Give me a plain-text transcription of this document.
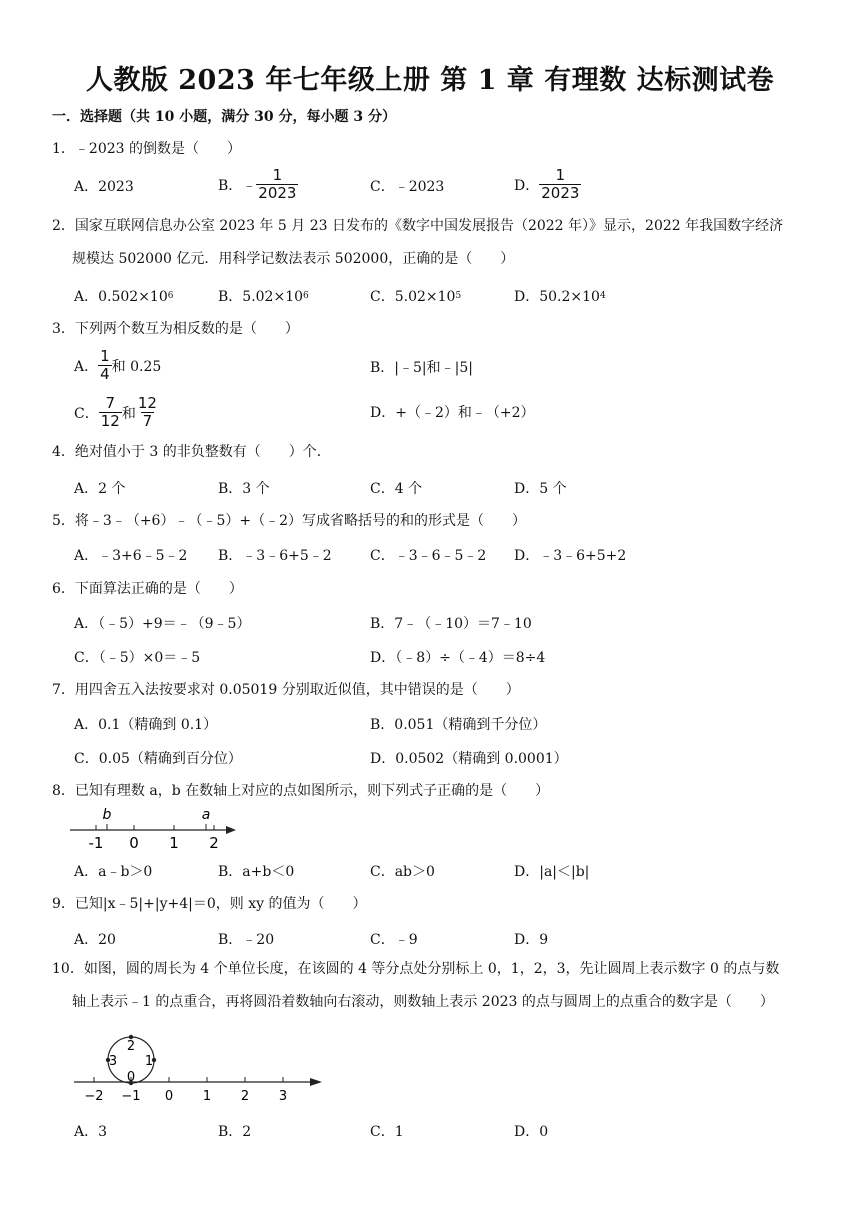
人教版 2023 年七年级上册 第 1 章 有理数 达标测试卷
一．选择题（共 10 小题，满分 30 分，每小题 3 分）
1．﹣2023 的倒数是（　　）
A．2023	B．﹣ $\frac{1}{2023}$	C．﹣2023	D． $\frac{1}{2023}$
2．国家互联网信息办公室 2023 年 5 月 23 日发布的《数字中国发展报告（2022 年）》显示，2022 年我国数字经济
规模达 502000 亿元．用科学记数法表示 502000，正确的是（　　）
A．0.502×10 6	B．5.02×10 6	C．5.02×10 5	D．50.2×10 4
3．下列两个数互为相反数的是（　　）
A． $\frac{1}{4}$ 和 0.25	B．|﹣5|和﹣|5|
C． $\frac{7}{12}$ 和 $\frac{12}{7}$	D．+（﹣2）和﹣（+2）
4．绝对值小于 3 的非负整数有（　　）个．
A．2 个	B．3 个	C．4 个	D．5 个
5．将﹣3﹣（+6）﹣（﹣5）+（﹣2）写成省略括号的和的形式是（　　）
A．﹣3+6﹣5﹣2 B．﹣3﹣6+5﹣2	C．﹣3﹣6﹣5﹣2 D．﹣3﹣6+5+2
6．下面算法正确的是（　　）
A．（﹣5）+9＝﹣（9﹣5）	B．7﹣（﹣10）＝7﹣10
C．（﹣5）×0＝﹣5	D．（﹣8）÷（﹣4）＝8÷4
7．用四舍五入法按要求对 0.05019 分别取近似值，其中错误的是（　　）
A．0.1（精确到 0.1）	B．0.051（精确到千分位）
C．0.05（精确到百分位）	D．0.0502（精确到 0.0001）
8．已知有理数 a，b 在数轴上对应的点如图所示，则下列式子正确的是（　　）
b	a
-1 0 1 2
A．a﹣b＞0	B．a+b＜0	C．ab＞0	D．|a|＜|b|
9．已知|x﹣5|+|y+4|＝0，则 xy 的值为（　　）
A．20	B．﹣20	C．﹣9	D．9
10．如图，圆的周长为 4 个单位长度，在该圆的 4 等分点处分别标上 0，1，2，3，先让圆周上表示数字 0 的点与数
轴上表示﹣1 的点重合，再将圆沿着数轴向右滚动，则数轴上表示 2023 的点与圆周上的点重合的数字是（　　）
0
1
2
3
−2 −1 0 1 2 3
A．3	B．2	C．1	D．0
